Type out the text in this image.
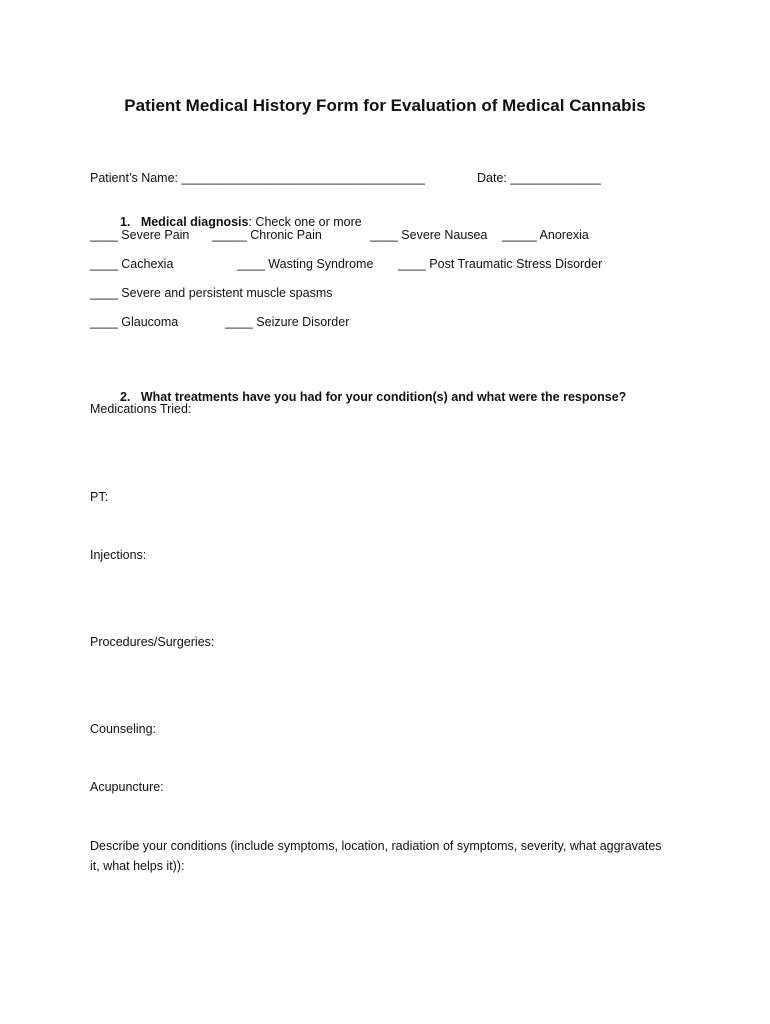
Patient Medical History Form for Evaluation of Medical Cannabis
Patient’s Name: ___________________________________	Date: _____________

1. Medical diagnosis: Check one or more

____ Severe Pain _____ Chronic Pain	____ Severe Nausea _____ Anorexia
____ Cachexia	____ Wasting Syndrome ____ Post Traumatic Stress Disorder
____ Severe and persistent muscle spasms
____ Glaucoma	____ Seizure Disorder

2. What treatments have you had for your condition(s) and what were the response?

Medications Tried:
PT:
Injections:
Procedures/Surgeries:
Counseling:
Acupuncture:
Describe your conditions (include symptoms, location, radiation of symptoms, severity, what aggravates
it, what helps it)):
